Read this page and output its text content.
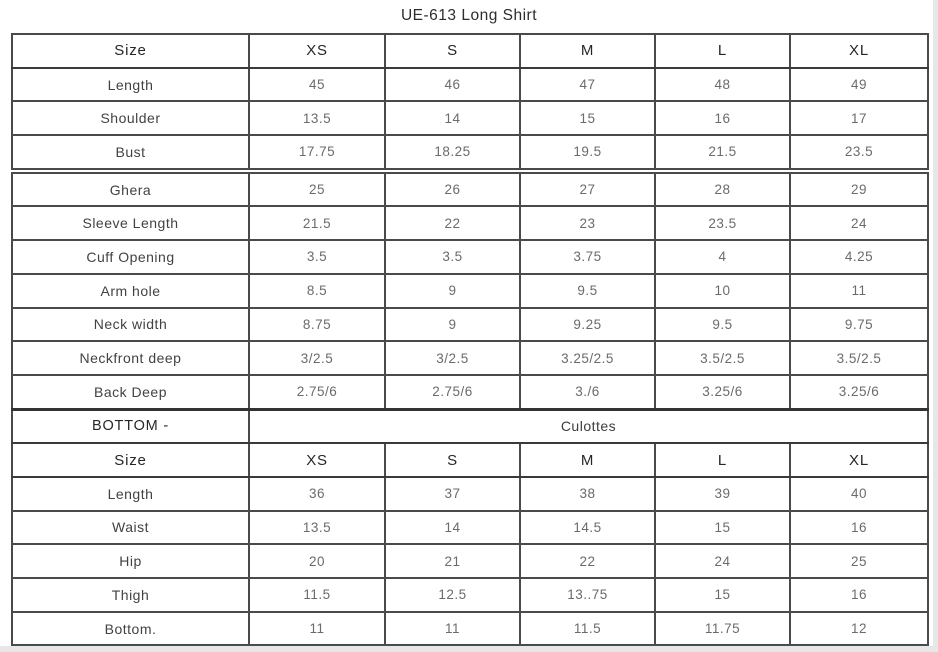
UE-613 Long Shirt
Size	XS	S	M	L	XL
Length	45	46	47	48	49
Shoulder	13.5	14	15	16	17
Bust	17.75	18.25	19.5	21.5	23.5
Ghera	25	26	27	28	29
Sleeve Length	21.5	22	23	23.5	24
Cuff Opening	3.5	3.5	3.75	4	4.25
Arm hole	8.5	9	9.5	10	11
Neck width	8.75	9	9.25	9.5	9.75
Neckfront deep	3/2.5	3/2.5	3.25/2.5	3.5/2.5	3.5/2.5
Back Deep	2.75/6	2.75/6	3./6	3.25/6	3.25/6
BOTTOM -	Culottes				
Size	XS	S	M	L	XL
Length	36	37	38	39	40
Waist	13.5	14	14.5	15	16
Hip	20	21	22	24	25
Thigh	11.5	12.5	13..75	15	16
Bottom.	11	11	11.5	11.75	12
